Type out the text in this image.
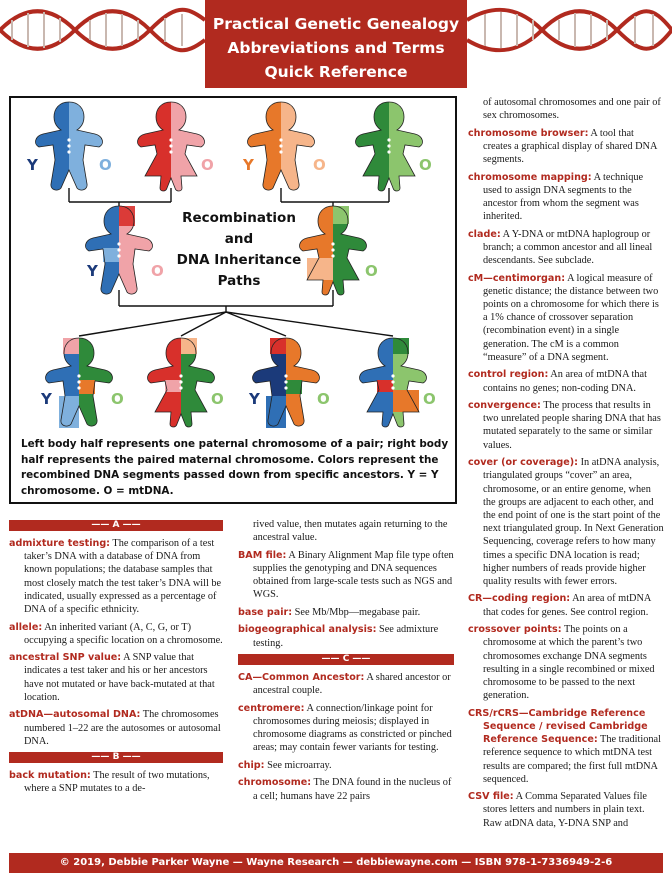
Practical Genetic Genealogy
Abbreviations and Terms
Quick Reference
Y	O	O Y	O	O
Y	O	O
Y	O	O Y	O	O
Recombination
and
DNA Inheritance
Paths
Left body half represents one paternal chromosome of a pair; right body half represents the paired maternal chromosome. Colors represent the recombined DNA segments passed down from specific ancestors. Y = Y chromosome. O = mtDNA.
—— A ——
admixture testing: The comparison of a test taker’s DNA with a database of DNA from known populations; the database samples that most closely match the test taker’s DNA will be indicated, usually expressed as a percentage of DNA of a specific ethnicity.
allele: An inherited variant (A, C, G, or T) occupying a specific location on a chromosome.
ancestral SNP value: A SNP value that indicates a test taker and his or her ancestors have not mutated or have back-mutated at that location.
atDNA—autosomal DNA: The chromosomes numbered 1–22 are the autosomes or autosomal DNA.
—— B ——
back mutation: The result of two mutations, where a SNP mutates to a de-
rived value, then mutates again returning to the ancestral value.
BAM file: A Binary Alignment Map file type often supplies the genotyping and DNA sequences obtained from large-scale tests such as NGS and WGS.
base pair: See Mb/Mbp—megabase pair.
biogeographical analysis: See admixture testing.
—— C ——
CA—Common Ancestor: A shared ancestor or ancestral couple.
centromere: A connection/linkage point for chromosomes during meiosis; displayed in chromosome diagrams as constricted or pinched areas; may contain fewer variants for testing.
chip: See microarray.
chromosome: The DNA found in the nucleus of a cell; humans have 22 pairs
of autosomal chromosomes and one pair of sex chromosomes.
chromosome browser: A tool that creates a graphical display of shared DNA segments.
chromosome mapping: A technique used to assign DNA segments to the ancestor from whom the segment was inherited.
clade: A Y-DNA or mtDNA haplogroup or branch; a common ancestor and all lineal descendants. See subclade.
cM—centimorgan: A logical measure of genetic distance; the distance between two points on a chromosome for which there is a 1% chance of crossover separation (recombination event) in a single generation. The cM is a common “measure” of a DNA segment.
control region: An area of mtDNA that contains no genes; non-coding DNA.
convergence: The process that results in two unrelated people sharing DNA that has mutated separately to the same or similar values.
cover (or coverage): In atDNA analysis, triangulated groups “cover” an area, chromosome, or an entire genome, when the groups are adjacent to each other, and the end point of one is the start point of the next triangulated group. In Next Generation Sequencing, coverage refers to how many times a specific DNA location is read; higher numbers of reads provide higher quality results with fewer errors.
CR—coding region: An area of mtDNA that codes for genes. See control region.
crossover points: The points on a chromosome at which the parent’s two chromosomes exchange DNA segments resulting in a single recombined or mixed chromosome to be passed to the next generation.
CRS/rCRS—Cambridge Reference Sequence / revised Cambridge Reference Sequence: The traditional reference sequence to which mtDNA test results are compared; the first full mtDNA sequenced.
CSV file: A Comma Separated Values file stores letters and numbers in plain text. Raw atDNA data, Y-DNA SNP and
© 2019, Debbie Parker Wayne — Wayne Research — debbiewayne.com — ISBN 978-1-7336949-2-6
